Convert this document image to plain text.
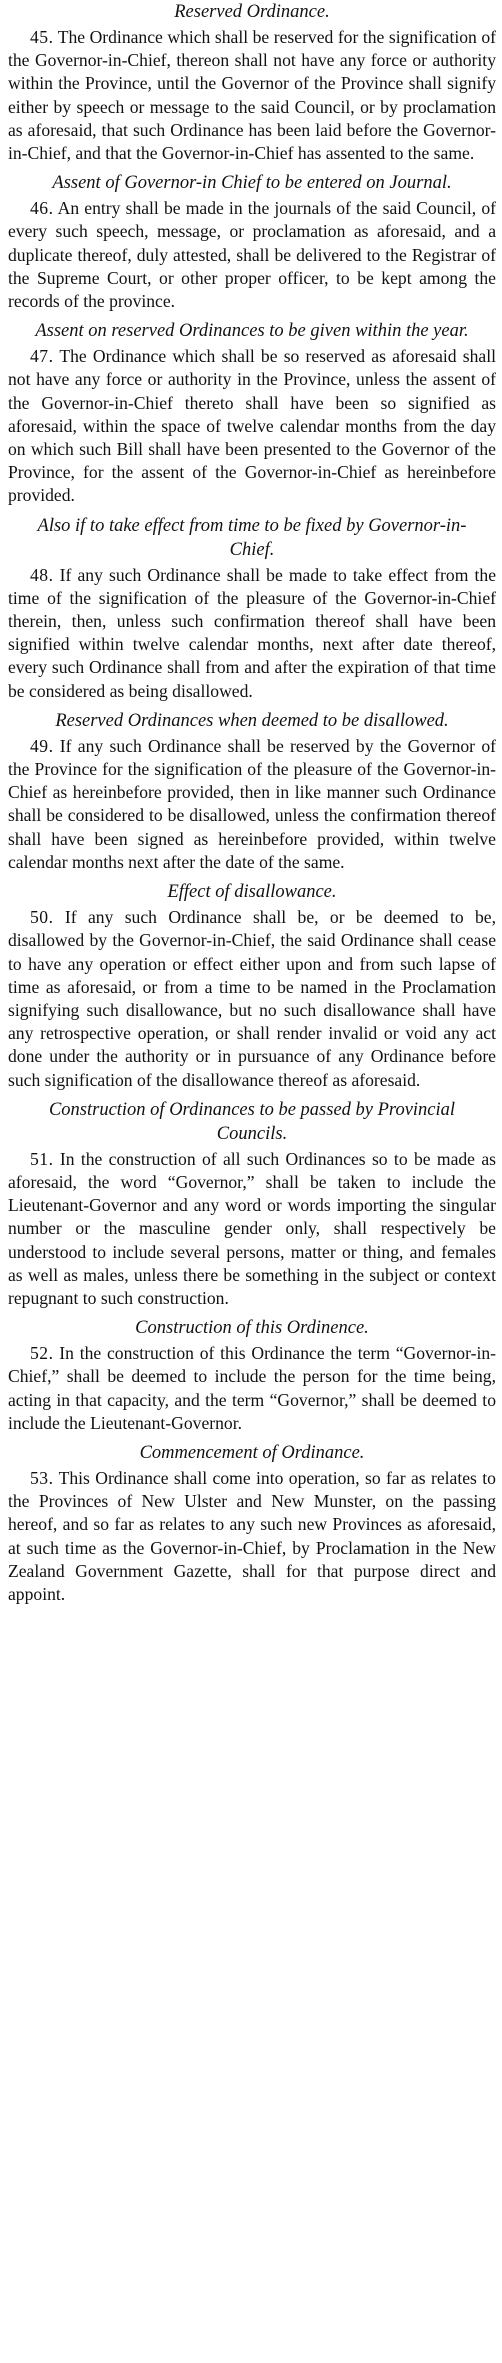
Reserved Ordinance.

45. The Ordinance which shall be reserved for the signification of the Governor-in-Chief, thereon shall not have any force or authority within the Province, until the Governor of the Province shall signify either by speech or message to the said Council, or by proclamation as aforesaid, that such Ordinance has been laid before the Governor-in-Chief, and that the Governor-in-Chief has assented to the same.

Assent of Governor-in Chief to be entered on Journal.

46. An entry shall be made in the journals of the said Council, of every such speech, message, or proclamation as aforesaid, and a duplicate thereof, duly attested, shall be delivered to the Registrar of the Supreme Court, or other proper officer, to be kept among the records of the province.

Assent on reserved Ordinances to be given within the year.

47. The Ordinance which shall be so reserved as aforesaid shall not have any force or authority in the Province, unless the assent of the Governor-in-Chief thereto shall have been so signified as aforesaid, within the space of twelve calendar months from the day on which such Bill shall have been presented to the Governor of the Province, for the assent of the Governor-in-Chief as hereinbefore provided.

Also if to take effect from time to be fixed by Governor-in-Chief.

48. If any such Ordinance shall be made to take effect from the time of the signification of the pleasure of the Governor-in-Chief therein, then, unless such confirmation thereof shall have been signified within twelve calendar months, next after date thereof, every such Ordinance shall from and after the expiration of that time be considered as being disallowed.

Reserved Ordinances when deemed to be disallowed.

49. If any such Ordinance shall be reserved by the Governor of the Province for the signification of the pleasure of the Governor-in-Chief as hereinbefore provided, then in like manner such Ordinance shall be considered to be disallowed, unless the confirmation thereof shall have been signed as hereinbefore provided, within twelve calendar months next after the date of the same.

Effect of disallowance.

50. If any such Ordinance shall be, or be deemed to be, disallowed by the Governor-in-Chief, the said Ordinance shall cease to have any operation or effect either upon and from such lapse of time as aforesaid, or from a time to be named in the Proclamation signifying such disallowance, but no such disallowance shall have any retrospective operation, or shall render invalid or void any act done under the authority or in pursuance of any Ordinance before such signification of the disallowance thereof as aforesaid.

Construction of Ordinances to be passed by Provincial Councils.

51. In the construction of all such Ordinances so to be made as aforesaid, the word “Governor,” shall be taken to include the Lieutenant-Governor and any word or words importing the singular number or the masculine gender only, shall respectively be understood to include several persons, matter or thing, and females as well as males, unless there be something in the subject or context repugnant to such construction.

Construction of this Ordinence.

52. In the construction of this Ordinance the term “Governor-in-Chief,” shall be deemed to include the person for the time being, acting in that capacity, and the term “Governor,” shall be deemed to include the Lieutenant-Governor.

Commencement of Ordinance.

53. This Ordinance shall come into operation, so far as relates to the Provinces of New Ulster and New Munster, on the passing hereof, and so far as relates to any such new Provinces as aforesaid, at such time as the Governor-in-Chief, by Proclamation in the New Zealand Government Gazette, shall for that purpose direct and appoint.
